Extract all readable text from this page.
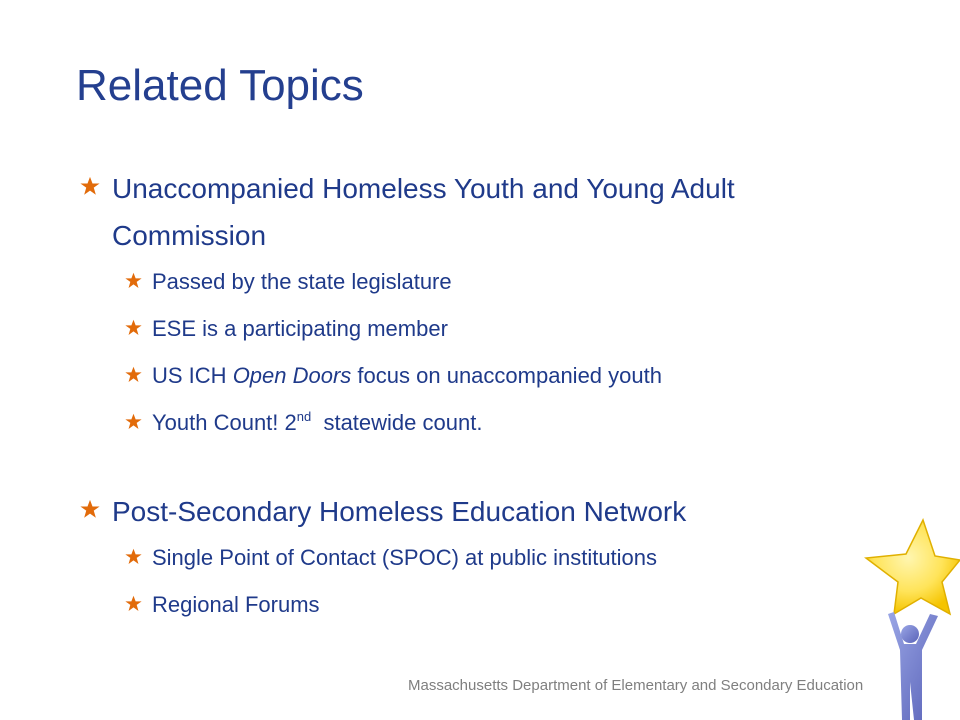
Related Topics
Unaccompanied Homeless Youth and Young Adult
Commission
Passed by the state legislature
ESE is a participating member
US ICH Open Doors focus on unaccompanied youth
Youth Count! 2nd  statewide count.
Post-Secondary Homeless Education Network
Single Point of Contact (SPOC) at public institutions
Regional Forums
Massachusetts Department of Elementary and Secondary Education
